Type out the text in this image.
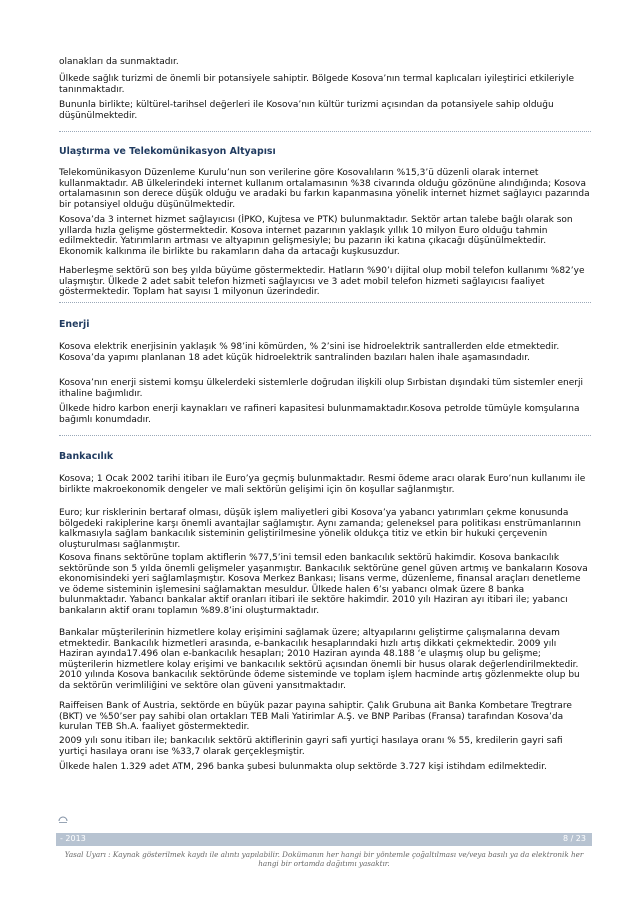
olanakları da sunmaktadır.

Ülkede sağlık turizmi de önemli bir potansiyele sahiptir. Bölgede Kosova’nın termal kaplıcaları iyileştirici etkileriyle tanınmaktadır.

Bununla birlikte; kültürel-tarihsel değerleri ile Kosova’nın kültür turizmi açısından da potansiyele sahip olduğu düşünülmektedir.

Ulaştırma ve Telekomünikasyon Altyapısı

Telekomünikasyon Düzenleme Kurulu’nun son verilerine göre Kosovalıların %15,3’ü düzenli olarak internet kullanmaktadır. AB ülkelerindeki internet kullanım ortalamasının %38 civarında olduğu gözönüne alındığında; Kosova ortalamasının son derece düşük olduğu ve aradaki bu farkın kapanmasına yönelik internet hizmet sağlayıcı pazarında bir potansiyel olduğu düşünülmektedir.

Kosova’da 3 internet hizmet sağlayıcısı (İPKO, Kujtesa ve PTK) bulunmaktadır. Sektör artan talebe bağlı olarak son yıllarda hızla gelişme göstermektedir. Kosova internet pazarının yaklaşık yıllık 10 milyon Euro olduğu tahmin edilmektedir. Yatırımların artması ve altyapının gelişmesiyle; bu pazarın iki katına çıkacağı düşünülmektedir. Ekonomik kalkınma ile birlikte bu rakamların daha da artacağı kuşkusuzdur.

Haberleşme sektörü son beş yılda büyüme göstermektedir. Hatların %90’ı dijital olup mobil telefon kullanımı %82’ye ulaşmıştır. Ülkede 2 adet sabit telefon hizmeti sağlayıcısı ve 3 adet mobil telefon hizmeti sağlayıcısı faaliyet göstermektedir. Toplam hat sayısı 1 milyonun üzerindedir.

Enerji

Kosova elektrik enerjisinin yaklaşık % 98’ini kömürden, % 2’sini ise hidroelektrik santrallerden elde etmektedir. Kosova’da yapımı planlanan 18 adet küçük hidroelektrik santralinden bazıları halen ihale aşamasındadır.

Kosova’nın enerji sistemi komşu ülkelerdeki sistemlerle doğrudan ilişkili olup Sırbistan dışındaki tüm sistemler enerji ithaline bağımlıdır.

Ülkede hidro karbon enerji kaynakları ve rafineri kapasitesi bulunmamaktadır.Kosova petrolde tümüyle komşularına bağımlı konumdadır.

Bankacılık

Kosova; 1 Ocak 2002 tarihi itibarı ile Euro’ya geçmiş bulunmaktadır. Resmi ödeme aracı olarak Euro’nun kullanımı ile birlikte makroekonomik dengeler ve mali sektörün gelişimi için ön koşullar sağlanmıştır.

Euro; kur risklerinin bertaraf olması, düşük işlem maliyetleri gibi Kosova’ya yabancı yatırımları çekme konusunda bölgedeki rakiplerine karşı önemli avantajlar sağlamıştır. Aynı zamanda; geleneksel para politikası enstrümanlarının kalkmasıyla sağlam bankacılık sisteminin geliştirilmesine yönelik oldukça titiz ve etkin bir hukuki çerçevenin oluşturulması sağlanmıştır.

Kosova finans sektörüne toplam aktiflerin %77,5’ini temsil eden bankacılık sektörü hakimdir. Kosova bankacılık sektöründe son 5 yılda önemli gelişmeler yaşanmıştır. Bankacılık sektörüne genel güven artmış ve bankaların Kosova ekonomisindeki yeri sağlamlaşmıştır. Kosova Merkez Bankası; lisans verme, düzenleme, finansal araçları denetleme ve ödeme sisteminin işlemesini sağlamaktan mesuldur. Ülkede halen 6’sı yabancı olmak üzere 8 banka bulunmaktadır. Yabancı bankalar aktif oranları itibari ile sektöre hakimdir. 2010 yılı Haziran ayı itibari ile; yabancı bankaların aktif oranı toplamın %89.8’ini oluşturmaktadır.

Bankalar müşterilerinin hizmetlere kolay erişimini sağlamak üzere; altyapılarını geliştirme çalışmalarına devam etmektedir. Bankacılık hizmetleri arasında, e-bankacılık hesaplarındaki hızlı artış dikkati çekmektedir. 2009 yılı Haziran ayında17.496 olan e-bankacılık hesapları; 2010 Haziran ayında 48.188 ‘e ulaşmış olup bu gelişme; müşterilerin hizmetlere kolay erişimi ve bankacılık sektörü açısından önemli bir husus olarak değerlendirilmektedir. 2010 yılında Kosova bankacılık sektöründe ödeme sisteminde ve toplam işlem hacminde artış gözlenmekte olup bu da sektörün verimliliğini ve sektöre olan güveni yansıtmaktadır.

Raiffeisen Bank of Austria, sektörde en büyük pazar payına sahiptir. Çalık Grubuna ait Banka Kombetare Tregtrare (BKT) ve %50’ser pay sahibi olan ortakları TEB Mali Yatirimlar A.Ş. ve BNP Paribas (Fransa) tarafından Kosova’da kurulan TEB Sh.A. faaliyet göstermektedir.

2009 yılı sonu itibarı ile; bankacılık sektörü aktiflerinin gayri safi yurtiçi hasılaya oranı % 55, kredilerin gayri safi yurtiçi hasılaya oranı ise %33,7 olarak gerçekleşmiştir.

Ülkede halen 1.329 adet ATM, 296 banka şubesi bulunmakta olup sektörde 3.727 kişi istihdam edilmektedir.

- 2013	8 / 23
Yasal Uyarı : Kaynak gösterilmek kaydı ile alıntı yapılabilir. Dokümanın her hangi bir yöntemle çoğaltılması ve/veya basılı ya da elektronik her hangi bir ortamda dağıtımı yasaktır.
